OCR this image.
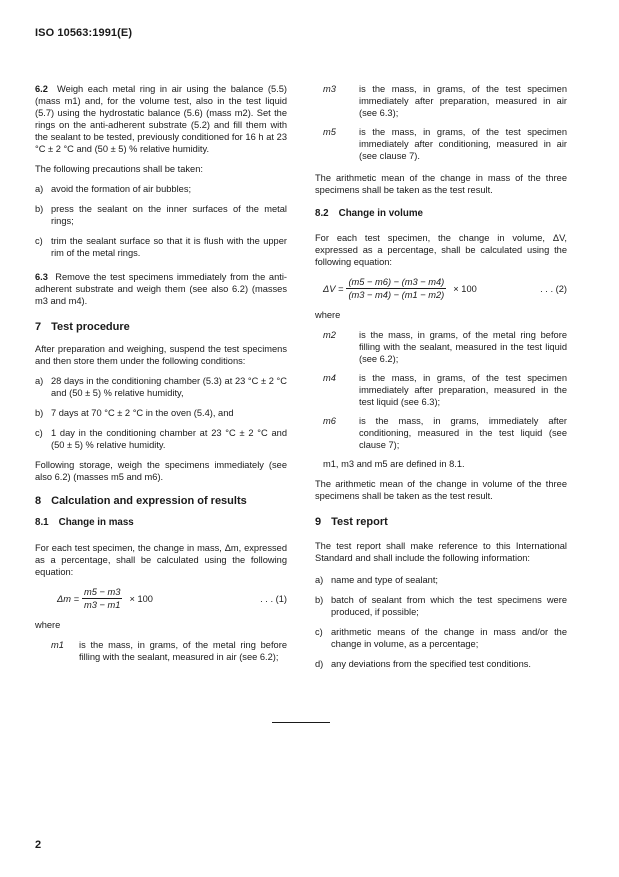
ISO 10563:1991(E)

6.2 Weigh each metal ring in air using the balance (5.5) (mass m1) and, for the volume test, also in the test liquid (5.7) using the hydrostatic balance (5.6) (mass m2). Set the rings on the anti-adherent substrate (5.2) and fill them with the sealant to be tested, previously conditioned for 16 h at 23 °C ± 2 °C and (50 ± 5) % relative humidity.

The following precautions shall be taken:

a) avoid the formation of air bubbles;
b) press the sealant on the inner surfaces of the metal rings;
c) trim the sealant surface so that it is flush with the upper rim of the metal rings.

6.3 Remove the test specimens immediately from the anti-adherent substrate and weigh them (see also 6.2) (masses m3 and m4).

7 Test procedure

After preparation and weighing, suspend the test specimens and then store them under the following conditions:

a) 28 days in the conditioning chamber (5.3) at 23 °C ± 2 °C and (50 ± 5) % relative humidity,
b) 7 days at 70 °C ± 2 °C in the oven (5.4), and
c) 1 day in the conditioning chamber at 23 °C ± 2 °C and (50 ± 5) % relative humidity.

Following storage, weigh the specimens immediately (see also 6.2) (masses m5 and m6).

8 Calculation and expression of results
8.1 Change in mass

For each test specimen, the change in mass, Δm, expressed as a percentage, shall be calculated using the following equation:

$\Delta m = \frac{m5 - m3}{m3 - m1} \times 100$	. . . (1)

where

m1	is the mass, in grams, of the metal ring before filling with the sealant, measured in air (see 6.2);
m3	is the mass, in grams, of the test specimen immediately after preparation, measured in air (see 6.3);
m5	is the mass, in grams, of the test specimen immediately after conditioning, measured in air (see clause 7).

The arithmetic mean of the change in mass of the three specimens shall be taken as the test result.

8.2 Change in volume

For each test specimen, the change in volume, ΔV, expressed as a percentage, shall be calculated using the following equation:

$\Delta V = \frac{(m5 - m6) - (m3 - m4)}{(m3 - m4) - (m1 - m2)} \times 100$	. . . (2)

where

m2	is the mass, in grams, of the metal ring before filling with the sealant, measured in the test liquid (see 6.2);
m4	is the mass, in grams, of the test specimen immediately after preparation, measured in the test liquid (see 6.3);
m6	is the mass, in grams, immediately after conditioning, measured in the test liquid (see clause 7);

m1, m3 and m5 are defined in 8.1.

The arithmetic mean of the change in volume of the three specimens shall be taken as the test result.

9 Test report

The test report shall make reference to this International Standard and shall include the following information:

a) name and type of sealant;
b) batch of sealant from which the test specimens were produced, if possible;
c) arithmetic means of the change in mass and/or the change in volume, as a percentage;
d) any deviations from the specified test conditions.
2
